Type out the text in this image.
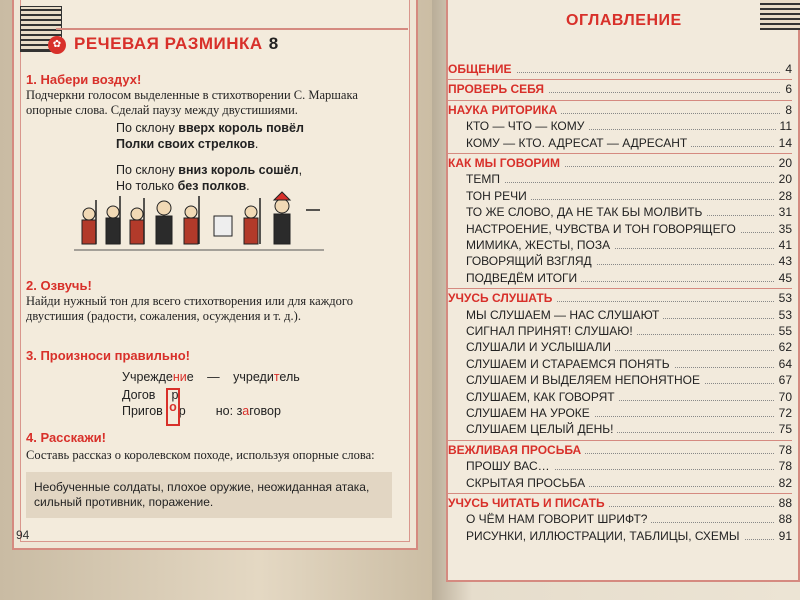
✿ РЕЧЕВАЯ РАЗМИНКА 8
1. Набери воздух!
Подчеркни голосом выделенные в стихотворении С. Маршака опорные слова. Сделай паузу между двустишиями.
По склону вверх король повёл
Полки своих стрелков.
По склону вниз король сошёл,
Но только без полков.
2. Озвучь!
Найди нужный тон для всего стихотворения или для каждого двустишия (радости, сожаления, осуждения и т. д.).
3. Произноси правильно!
Учреждение — учредитель
Догов р
Пригов р но: заговор
о
4. Расскажи!
Составь рассказ о королевском походе, используя опорные слова:
Необученные солдаты, плохое оружие, неожиданная атака, сильный противник, поражение.
94
ОГЛАВЛЕНИЕ
ОБЩЕНИЕ	4
ПРОВЕРЬ СЕБЯ	6
НАУКА РИТОРИКА	8
КТО — ЧТО — КОМУ	11
КОМУ — КТО. АДРЕСАТ — АДРЕСАНТ	14
КАК МЫ ГОВОРИМ	20
ТЕМП	20
ТОН РЕЧИ	28
ТО ЖЕ СЛОВО, ДА НЕ ТАК БЫ МОЛВИТЬ	31
НАСТРОЕНИЕ, ЧУВСТВА И ТОН ГОВОРЯЩЕГО	35
МИМИКА, ЖЕСТЫ, ПОЗА	41
ГОВОРЯЩИЙ ВЗГЛЯД	43
ПОДВЕДЁМ ИТОГИ	45
УЧУСЬ СЛУШАТЬ	53
МЫ СЛУШАЕМ — НАС СЛУШАЮТ	53
СИГНАЛ ПРИНЯТ! СЛУШАЮ!	55
СЛУШАЛИ И УСЛЫШАЛИ	62
СЛУШАЕМ И СТАРАЕМСЯ ПОНЯТЬ	64
СЛУШАЕМ И ВЫДЕЛЯЕМ НЕПОНЯТНОЕ	67
СЛУШАЕМ, КАК ГОВОРЯТ	70
СЛУШАЕМ НА УРОКЕ	72
СЛУШАЕМ ЦЕЛЫЙ ДЕНЬ!	75
ВЕЖЛИВАЯ ПРОСЬБА	78
ПРОШУ ВАС…	78
СКРЫТАЯ ПРОСЬБА	82
УЧУСЬ ЧИТАТЬ И ПИСАТЬ	88
О ЧЁМ НАМ ГОВОРИТ ШРИФТ?	88
РИСУНКИ, ИЛЛЮСТРАЦИИ, ТАБЛИЦЫ, СХЕМЫ	91
